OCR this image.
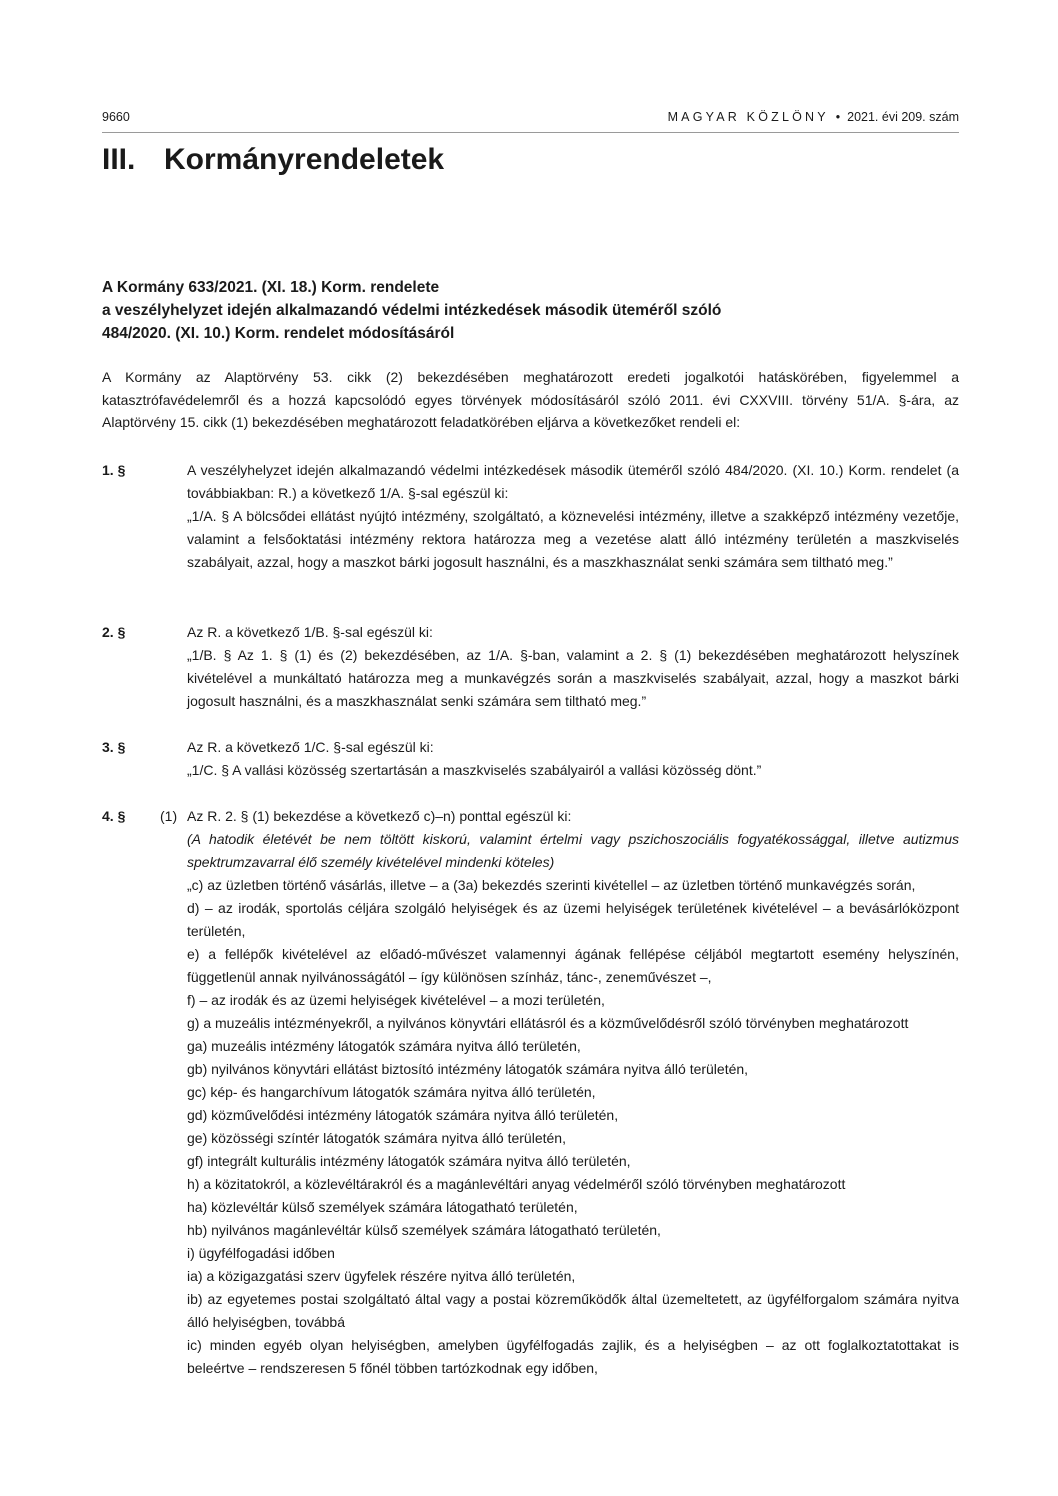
9660	MAGYAR KÖZLÖNY • 2021. évi 209. szám
III. Kormányrendeletek
A Kormány 633/2021. (XI. 18.) Korm. rendelete
a veszélyhelyzet idején alkalmazandó védelmi intézkedések második üteméről szóló
484/2020. (XI. 10.) Korm. rendelet módosításáról
A Kormány az Alaptörvény 53. cikk (2) bekezdésében meghatározott eredeti jogalkotói hatáskörében, figyelemmel a katasztrófavédelemről és a hozzá kapcsolódó egyes törvények módosításáról szóló 2011. évi CXXVIII. törvény 51/A. §-ára, az Alaptörvény 15. cikk (1) bekezdésében meghatározott feladatkörében eljárva a következőket rendeli el:
1. §	A veszélyhelyzet idején alkalmazandó védelmi intézkedések második üteméről szóló 484/2020. (XI. 10.) Korm. rendelet (a továbbiakban: R.) a következő 1/A. §-sal egészül ki:

„1/A. § A bölcsődei ellátást nyújtó intézmény, szolgáltató, a köznevelési intézmény, illetve a szakképző intézmény vezetője, valamint a felsőoktatási intézmény rektora határozza meg a vezetése alatt álló intézmény területén a maszkviselés szabályait, azzal, hogy a maszkot bárki jogosult használni, és a maszkhasználat senki számára sem tiltható meg.”

2. §	Az R. a következő 1/B. §-sal egészül ki:

„1/B. § Az 1. § (1) és (2) bekezdésében, az 1/A. §-ban, valamint a 2. § (1) bekezdésében meghatározott helyszínek kivételével a munkáltató határozza meg a munkavégzés során a maszkviselés szabályait, azzal, hogy a maszkot bárki jogosult használni, és a maszkhasználat senki számára sem tiltható meg.”

3. §	Az R. a következő 1/C. §-sal egészül ki:

„1/C. § A vallási közösség szertartásán a maszkviselés szabályairól a vallási közösség dönt.”

4. § (1) Az R. 2. § (1) bekezdése a következő c)–n) ponttal egészül ki:

(A hatodik életévét be nem töltött kiskorú, valamint értelmi vagy pszichoszociális fogyatékossággal, illetve autizmus spektrumzavarral élő személy kivételével mindenki köteles)

„c) az üzletben történő vásárlás, illetve – a (3a) bekezdés szerinti kivétellel – az üzletben történő munkavégzés során,

d) – az irodák, sportolás céljára szolgáló helyiségek és az üzemi helyiségek területének kivételével – a bevásárlóközpont területén,

e) a fellépők kivételével az előadó-művészet valamennyi ágának fellépése céljából megtartott esemény helyszínén, függetlenül annak nyilvánosságától – így különösen színház, tánc-, zeneművészet –,

f) – az irodák és az üzemi helyiségek kivételével – a mozi területén,

g) a muzeális intézményekről, a nyilvános könyvtári ellátásról és a közművelődésről szóló törvényben meghatározott

ga) muzeális intézmény látogatók számára nyitva álló területén,

gb) nyilvános könyvtári ellátást biztosító intézmény látogatók számára nyitva álló területén,

gc) kép- és hangarchívum látogatók számára nyitva álló területén,

gd) közművelődési intézmény látogatók számára nyitva álló területén,

ge) közösségi színtér látogatók számára nyitva álló területén,

gf) integrált kulturális intézmény látogatók számára nyitva álló területén,

h) a közitatokról, a közlevéltárakról és a magánlevéltári anyag védelméről szóló törvényben meghatározott

ha) közlevéltár külső személyek számára látogatható területén,

hb) nyilvános magánlevéltár külső személyek számára látogatható területén,

i) ügyfélfogadási időben

ia) a közigazgatási szerv ügyfelek részére nyitva álló területén,

ib) az egyetemes postai szolgáltató által vagy a postai közreműködők által üzemeltetett, az ügyfélforgalom számára nyitva álló helyiségben, továbbá

ic) minden egyéb olyan helyiségben, amelyben ügyfélfogadás zajlik, és a helyiségben – az ott foglalkoztatottakat is beleértve – rendszeresen 5 főnél többen tartózkodnak egy időben,
